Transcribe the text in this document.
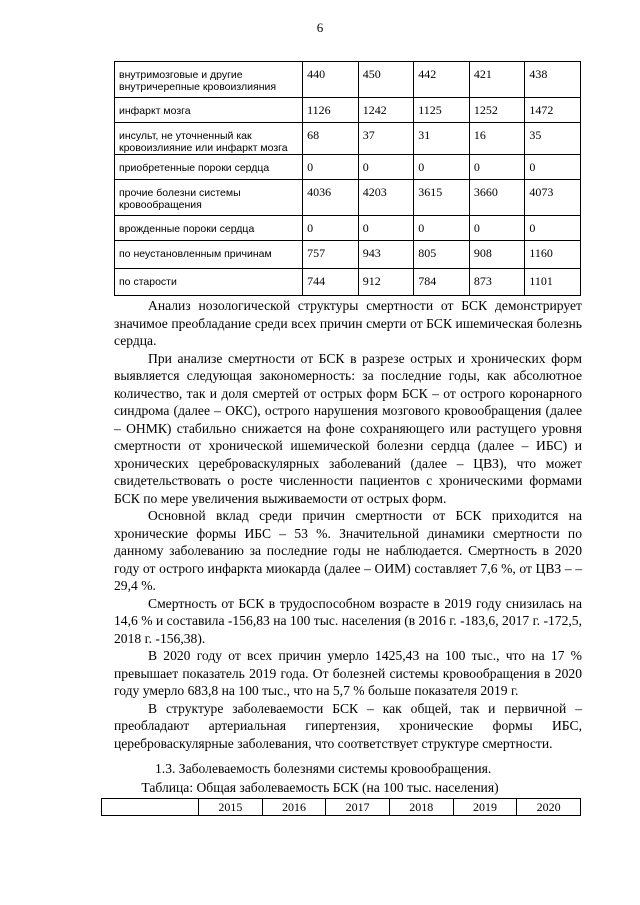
6
внутримозговые и другие внутричерепные кровоизлияния	440	450	442	421	438
инфаркт мозга	1126	1242	1125	1252	1472
инсульт, не уточненный как кровоизлияние или инфаркт мозга	68	37	31	16	35
приобретенные пороки сердца	0	0	0	0	0
прочие болезни системы кровообращения	4036	4203	3615	3660	4073
врожденные пороки сердца	0	0	0	0	0
по неустановленным причинам	757	943	805	908	1160
по старости	744	912	784	873	1101

Анализ нозологической структуры смертности от БСК демонстрирует значимое преобладание среди всех причин смерти от БСК ишемическая болезнь сердца.

При анализе смертности от БСК в разрезе острых и хронических форм выявляется следующая закономерность: за последние годы, как абсолютное количество, так и доля смертей от острых форм БСК – от острого коронарного синдрома (далее – ОКС), острого нарушения мозгового кровообращения (далее – ОНМК) стабильно снижается на фоне сохраняющего или растущего уровня смертности от хронической ишемической болезни сердца (далее – ИБС) и хронических цереброваскулярных заболеваний (далее – ЦВЗ), что может свидетельствовать о росте численности пациентов с хроническими формами БСК по мере увеличения выживаемости от острых форм.

Основной вклад среди причин смертности от БСК приходится на хронические формы ИБС – 53 %. Значительной динамики смертности по данному заболеванию за последние годы не наблюдается. Смертность в 2020 году от острого инфаркта миокарда (далее – ОИМ) составляет 7,6 %, от ЦВЗ – – 29,4 %.

Смертность от БСК в трудоспособном возрасте в 2019 году снизилась на 14,6 % и составила -156,83 на 100 тыс. населения (в 2016 г. -183,6, 2017 г. -172,5, 2018 г. -156,38).

В 2020 году от всех причин умерло 1425,43 на 100 тыс., что на 17 % превышает показатель 2019 года. От болезней системы кровообращения в 2020 году умерло 683,8 на 100 тыс., что на 5,7 % больше показателя 2019 г.

В структуре заболеваемости БСК – как общей, так и первичной – преобладают артериальная гипертензия, хронические формы ИБС, цереброваскулярные заболевания, что соответствует структуре смертности.

1.3. Заболеваемость болезнями системы кровообращения.
Таблица: Общая заболеваемость БСК (на 100 тыс. населения)
	2015	2016	2017	2018	2019	2020
